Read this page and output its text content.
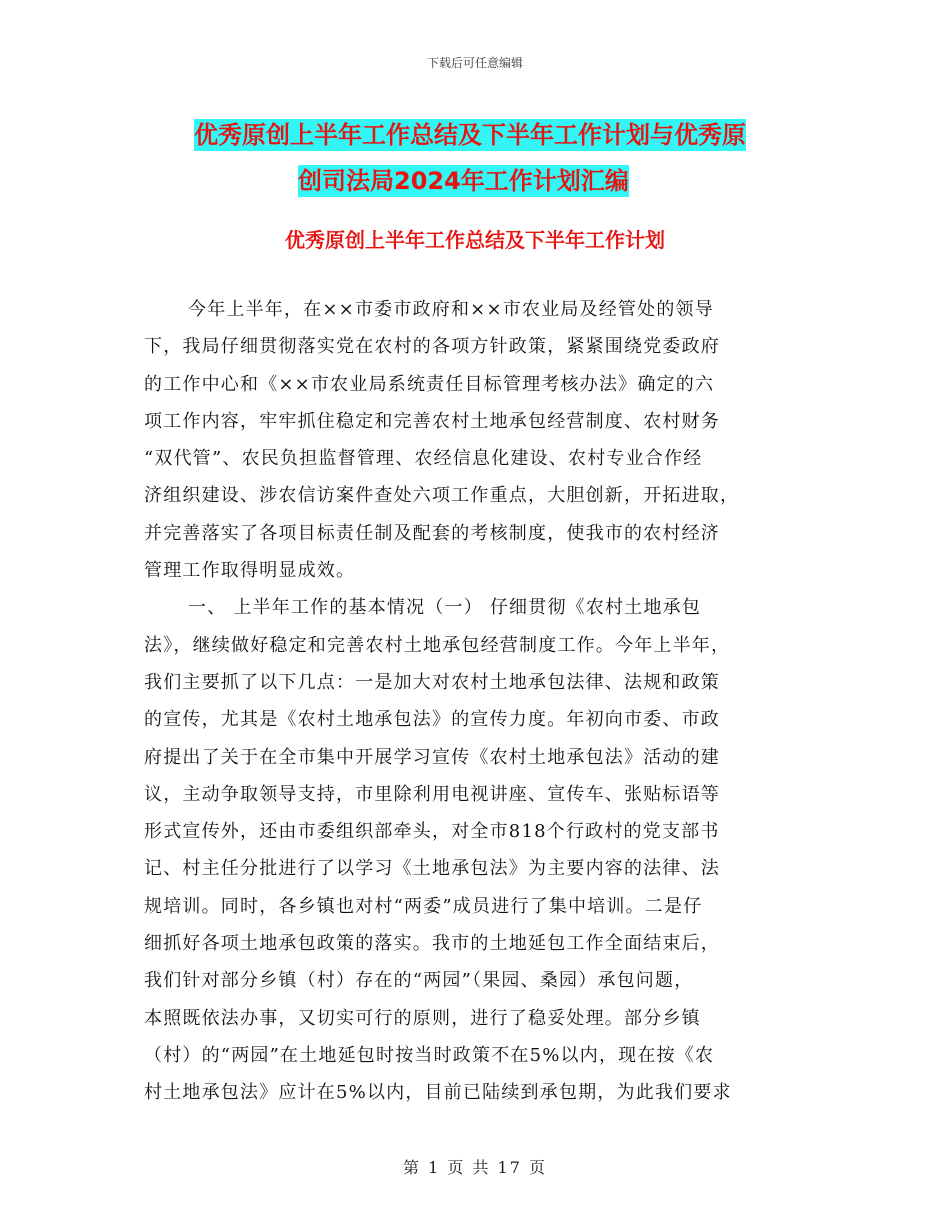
下载后可任意编辑
优秀原创上半年工作总结及下半年工作计划与优秀原
创司法局2024年工作计划汇编
优秀原创上半年工作总结及下半年工作计划
今年上半年，在××市委市政府和××市农业局及经管处的领导
下，我局仔细贯彻落实党在农村的各项方针政策，紧紧围绕党委政府
的工作中心和《××市农业局系统责任目标管理考核办法》确定的六
项工作内容，牢牢抓住稳定和完善农村土地承包经营制度、农村财务
“双代管”、农民负担监督管理、农经信息化建设、农村专业合作经
济组织建设、涉农信访案件查处六项工作重点，大胆创新，开拓进取，
并完善落实了各项目标责任制及配套的考核制度，使我市的农村经济
管理工作取得明显成效。
一、 上半年工作的基本情况（一） 仔细贯彻《农村土地承包
法》，继续做好稳定和完善农村土地承包经营制度工作。今年上半年，
我们主要抓了以下几点：一是加大对农村土地承包法律、法规和政策
的宣传，尤其是《农村土地承包法》的宣传力度。年初向市委、市政
府提出了关于在全市集中开展学习宣传《农村土地承包法》活动的建
议，主动争取领导支持，市里除利用电视讲座、宣传车、张贴标语等
形式宣传外，还由市委组织部牵头，对全市818个行政村的党支部书
记、村主任分批进行了以学习《土地承包法》为主要内容的法律、法
规培训。同时，各乡镇也对村“两委”成员进行了集中培训。二是仔
细抓好各项土地承包政策的落实。我市的土地延包工作全面结束后，
我们针对部分乡镇（村）存在的“两园”（果园、桑园）承包问题，
本照既依法办事，又切实可行的原则，进行了稳妥处理。部分乡镇
（村）的“两园”在土地延包时按当时政策不在5%以内，现在按《农
村土地承包法》应计在5%以内，目前已陆续到承包期，为此我们要求
第 1 页 共 17 页
